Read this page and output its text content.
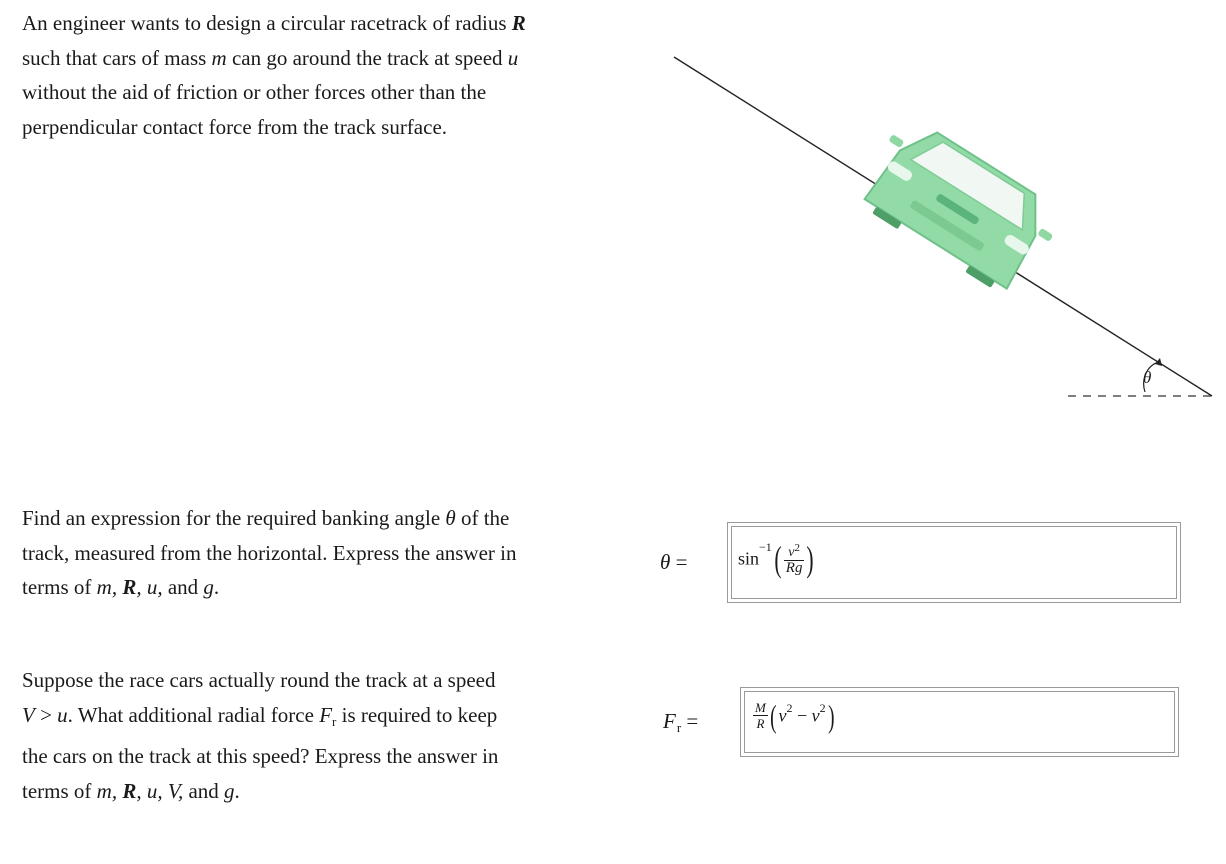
An engineer wants to design a circular racetrack of radius R
such that cars of mass m can go around the track at speed u
without the aid of friction or other forces other than the
perpendicular contact force from the track surface.

θ

Find an expression for the required banking angle θ of the
track, measured from the horizontal. Express the answer in
terms of m, R, u, and g.

θ =	$\sin^{-1}( \frac{v^2}{Rg}$ )

Suppose the race cars actually round the track at a speed
V > u. What additional radial force Fr is required to keep
the cars on the track at this speed? Express the answer in
terms of m, R, u, V, and g.

$F_r$ =	$\frac{M}{R}$ ( $v^2 - v^2$)
